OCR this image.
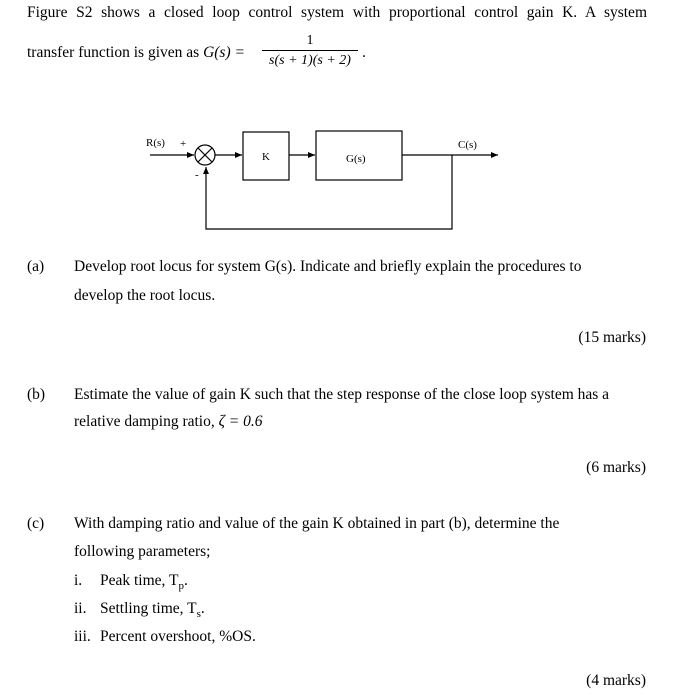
Figure S2 shows a closed loop control system with proportional control gain K. A system
transfer function is given as G(s) =
1
s(s + 1)(s + 2) .
R(s) +
-
K	G(s)
C(s)
(a) Develop root locus for system G(s). Indicate and briefly explain the procedures to
develop the root locus.
(15 marks)
(b) Estimate the value of gain K such that the step response of the close loop system has a
relative damping ratio, ζ = 0.6
(6 marks)
(c) With damping ratio and value of the gain K obtained in part (b), determine the
following parameters;
i. Peak time, $T_p$.
ii. Settling time, $T_s$.
iii. Percent overshoot, %OS.
(4 marks)
